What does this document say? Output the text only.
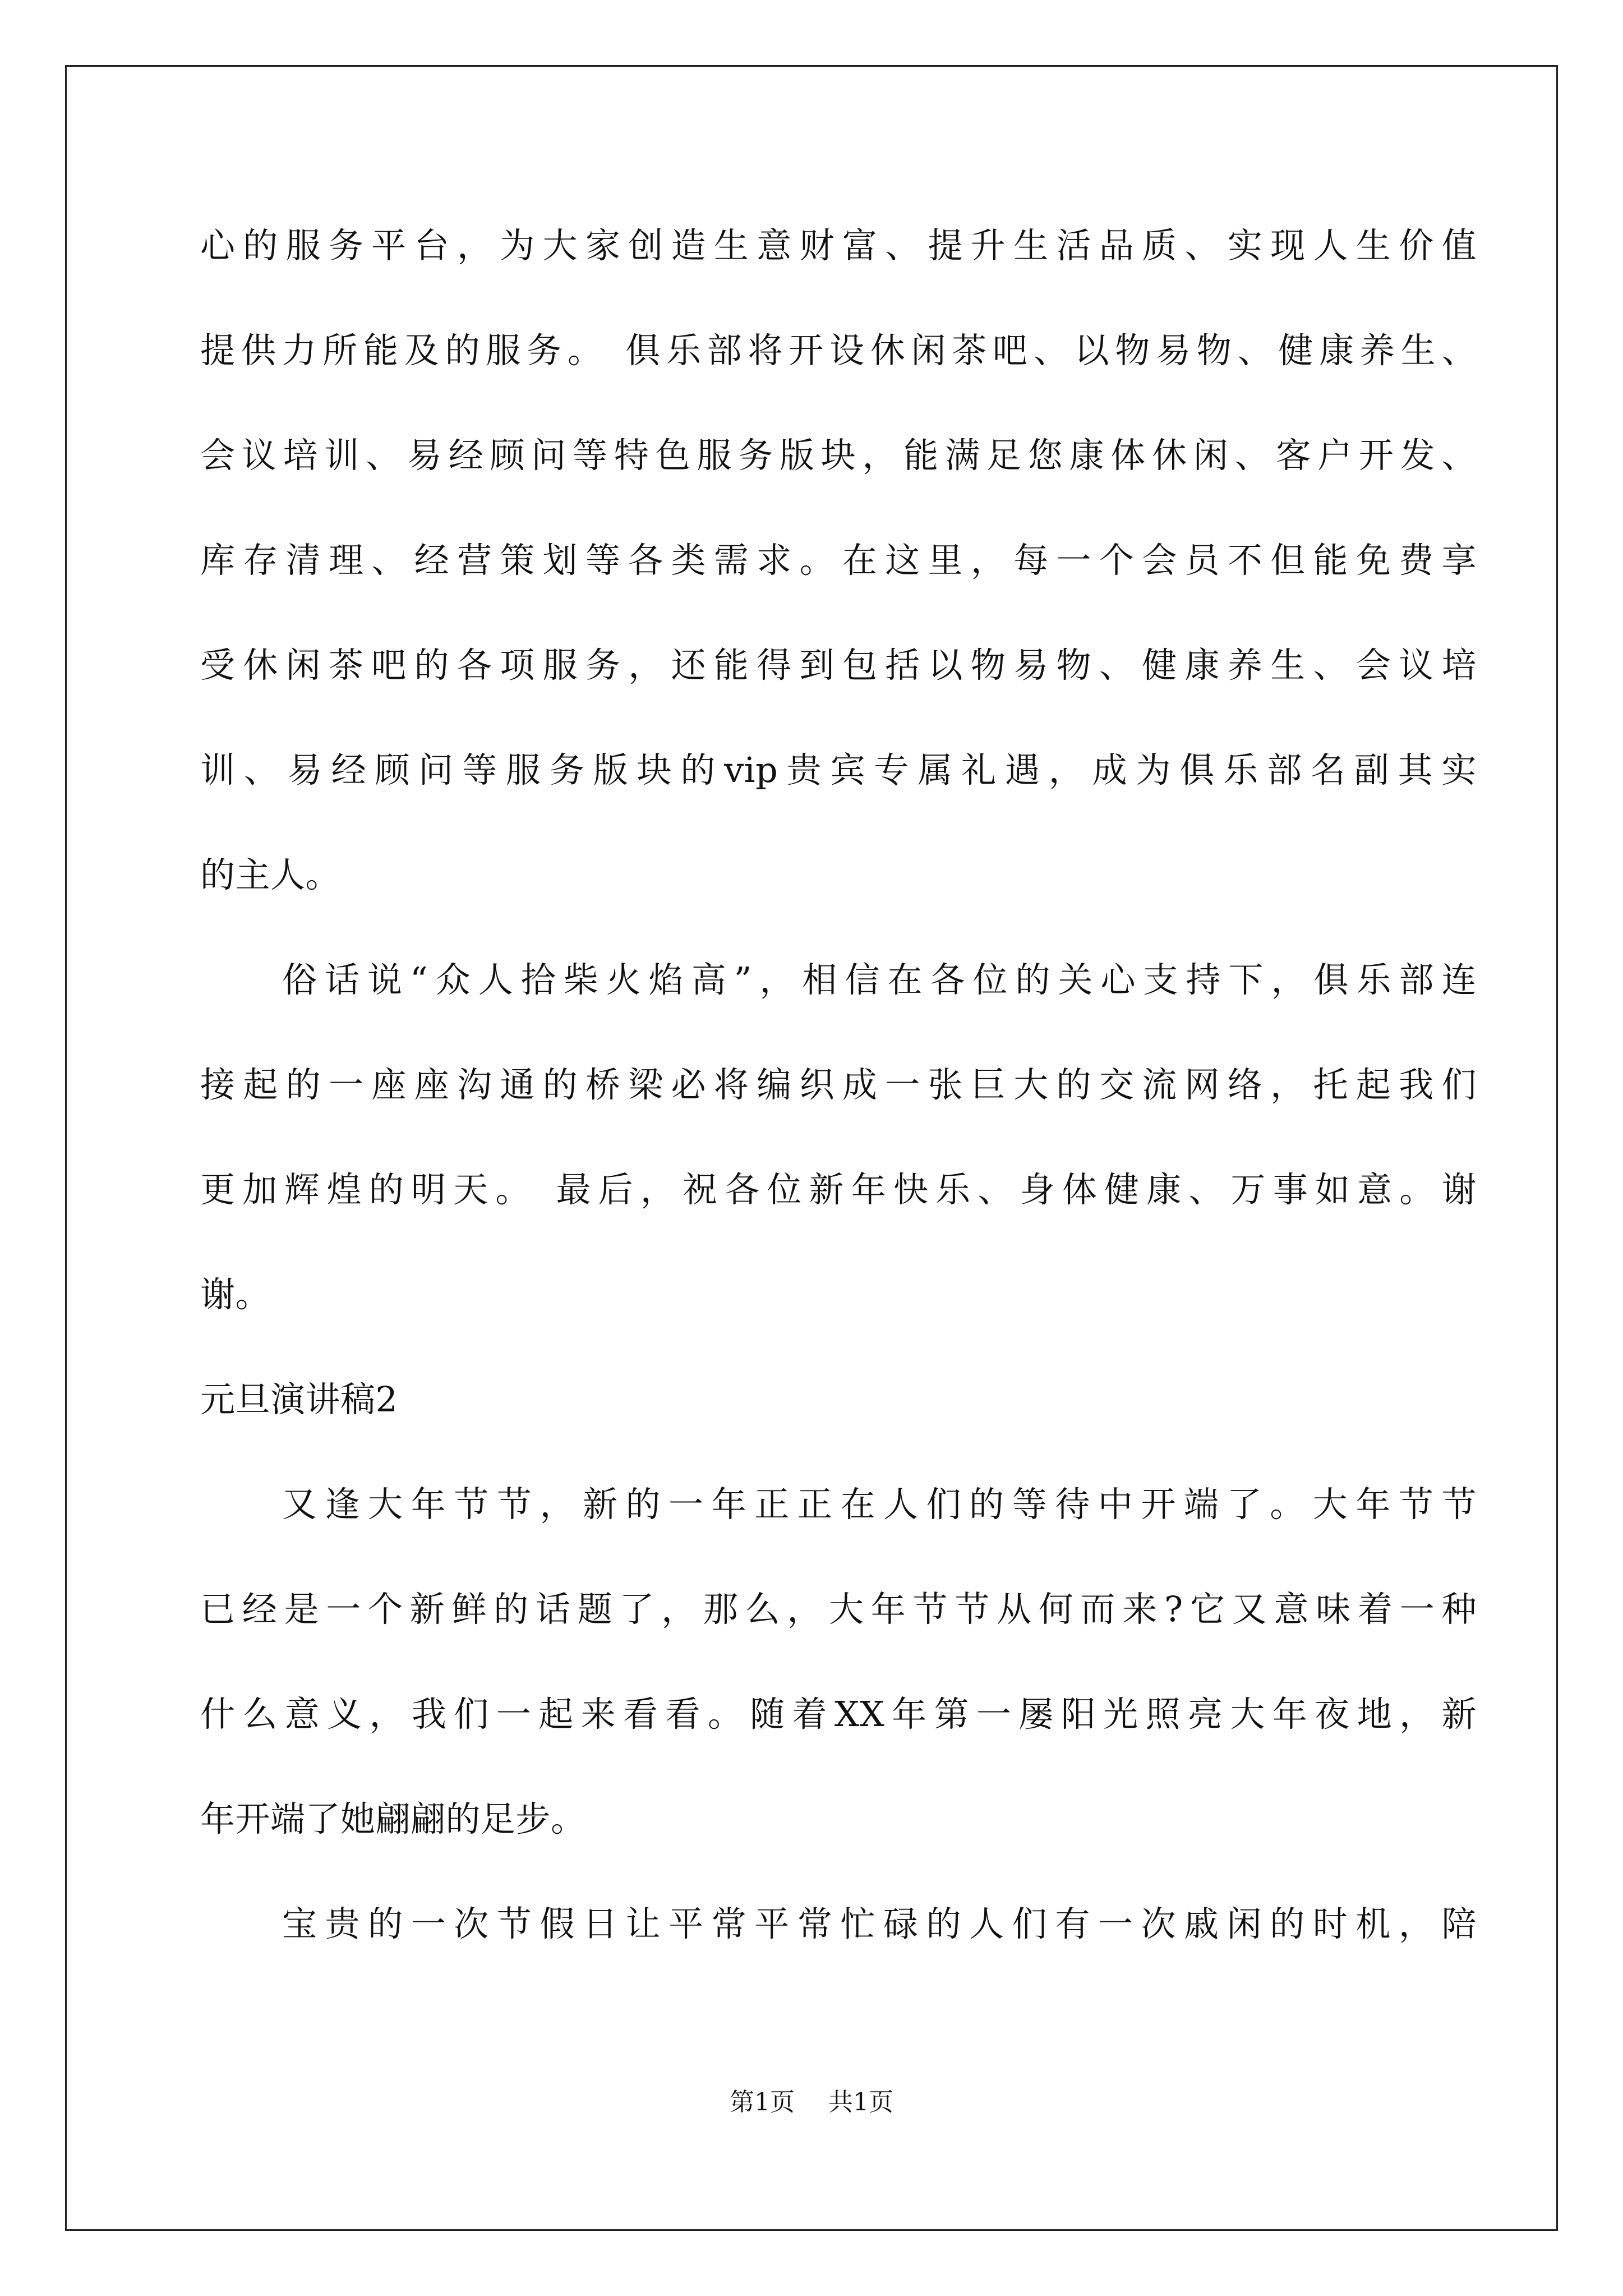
心的服务平台，为大家创造生意财富、提升生活品质、实现人生价值
提供力所能及的服务。 俱乐部将开设休闲茶吧、以物易物、健康养生、
会议培训、易经顾问等特色服务版块，能满足您康体休闲、客户开发、
库存清理、经营策划等各类需求。在这里，每一个会员不但能免费享
受休闲茶吧的各项服务，还能得到包括以物易物、健康养生、会议培
训、易经顾问等服务版块的vip贵宾专属礼遇，成为俱乐部名副其实
的主人。
俗话说“众人拾柴火焰高”，相信在各位的关心支持下，俱乐部连
接起的一座座沟通的桥梁必将编织成一张巨大的交流网络，托起我们
更加辉煌的明天。 最后，祝各位新年快乐、身体健康、万事如意。谢
谢。
元旦演讲稿2
又逢大年节节，新的一年正正在人们的等待中开端了。大年节节
已经是一个新鲜的话题了，那么，大年节节从何而来?它又意味着一种
什么意义，我们一起来看看。随着XX年第一屡阳光照亮大年夜地，新
年开端了她翩翩的足步。
宝贵的一次节假日让平常平常忙碌的人们有一次戚闲的时机，陪
第1页 共1页
